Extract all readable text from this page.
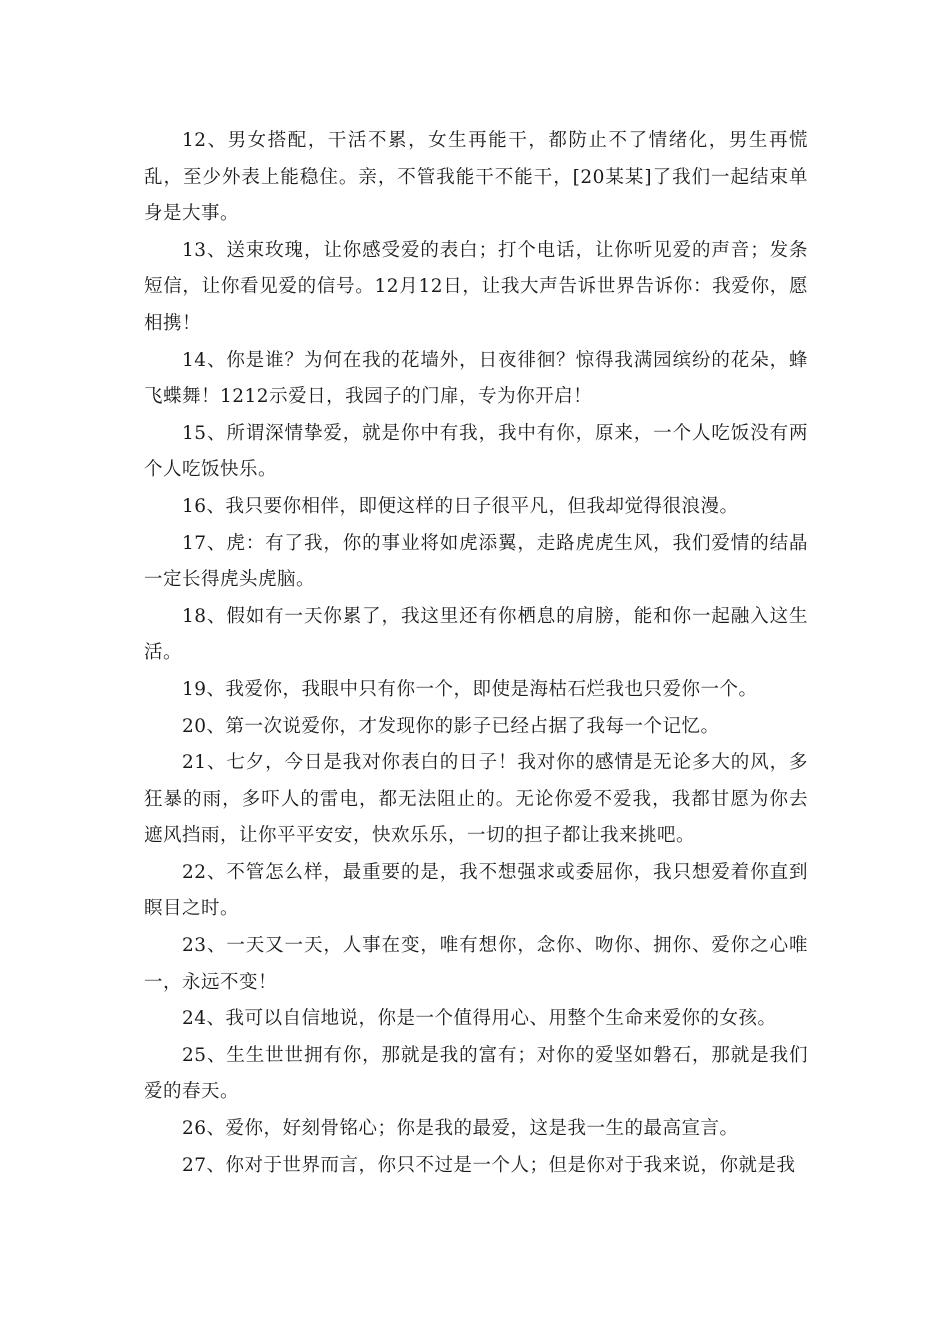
12、男女搭配，干活不累，女生再能干，都防止不了情绪化，男生再慌乱，至少外表上能稳住。亲，不管我能干不能干，[20某某]了我们一起结束单身是大事。

13、送束玫瑰，让你感受爱的表白；打个电话，让你听见爱的声音；发条短信，让你看见爱的信号。12月12日，让我大声告诉世界告诉你：我爱你，愿相携！

14、你是谁？为何在我的花墙外，日夜徘徊？惊得我满园缤纷的花朵，蜂飞蝶舞！1212示爱日，我园子的门扉，专为你开启！

15、所谓深情挚爱，就是你中有我，我中有你，原来，一个人吃饭没有两个人吃饭快乐。

16、我只要你相伴，即便这样的日子很平凡，但我却觉得很浪漫。

17、虎：有了我，你的事业将如虎添翼，走路虎虎生风，我们爱情的结晶一定长得虎头虎脑。

18、假如有一天你累了，我这里还有你栖息的肩膀，能和你一起融入这生活。

19、我爱你，我眼中只有你一个，即使是海枯石烂我也只爱你一个。

20、第一次说爱你，才发现你的影子已经占据了我每一个记忆。

21、七夕，今日是我对你表白的日子！我对你的感情是无论多大的风，多狂暴的雨，多吓人的雷电，都无法阻止的。无论你爱不爱我，我都甘愿为你去遮风挡雨，让你平平安安，快欢乐乐，一切的担子都让我来挑吧。

22、不管怎么样，最重要的是，我不想强求或委屈你，我只想爱着你直到瞑目之时。

23、一天又一天，人事在变，唯有想你，念你、吻你、拥你、爱你之心唯一，永远不变！

24、我可以自信地说，你是一个值得用心、用整个生命来爱你的女孩。

25、生生世世拥有你，那就是我的富有；对你的爱坚如磐石，那就是我们爱的春天。

26、爱你，好刻骨铭心；你是我的最爱，这是我一生的最高宣言。

27、你对于世界而言，你只不过是一个人；但是你对于我来说，你就是我
